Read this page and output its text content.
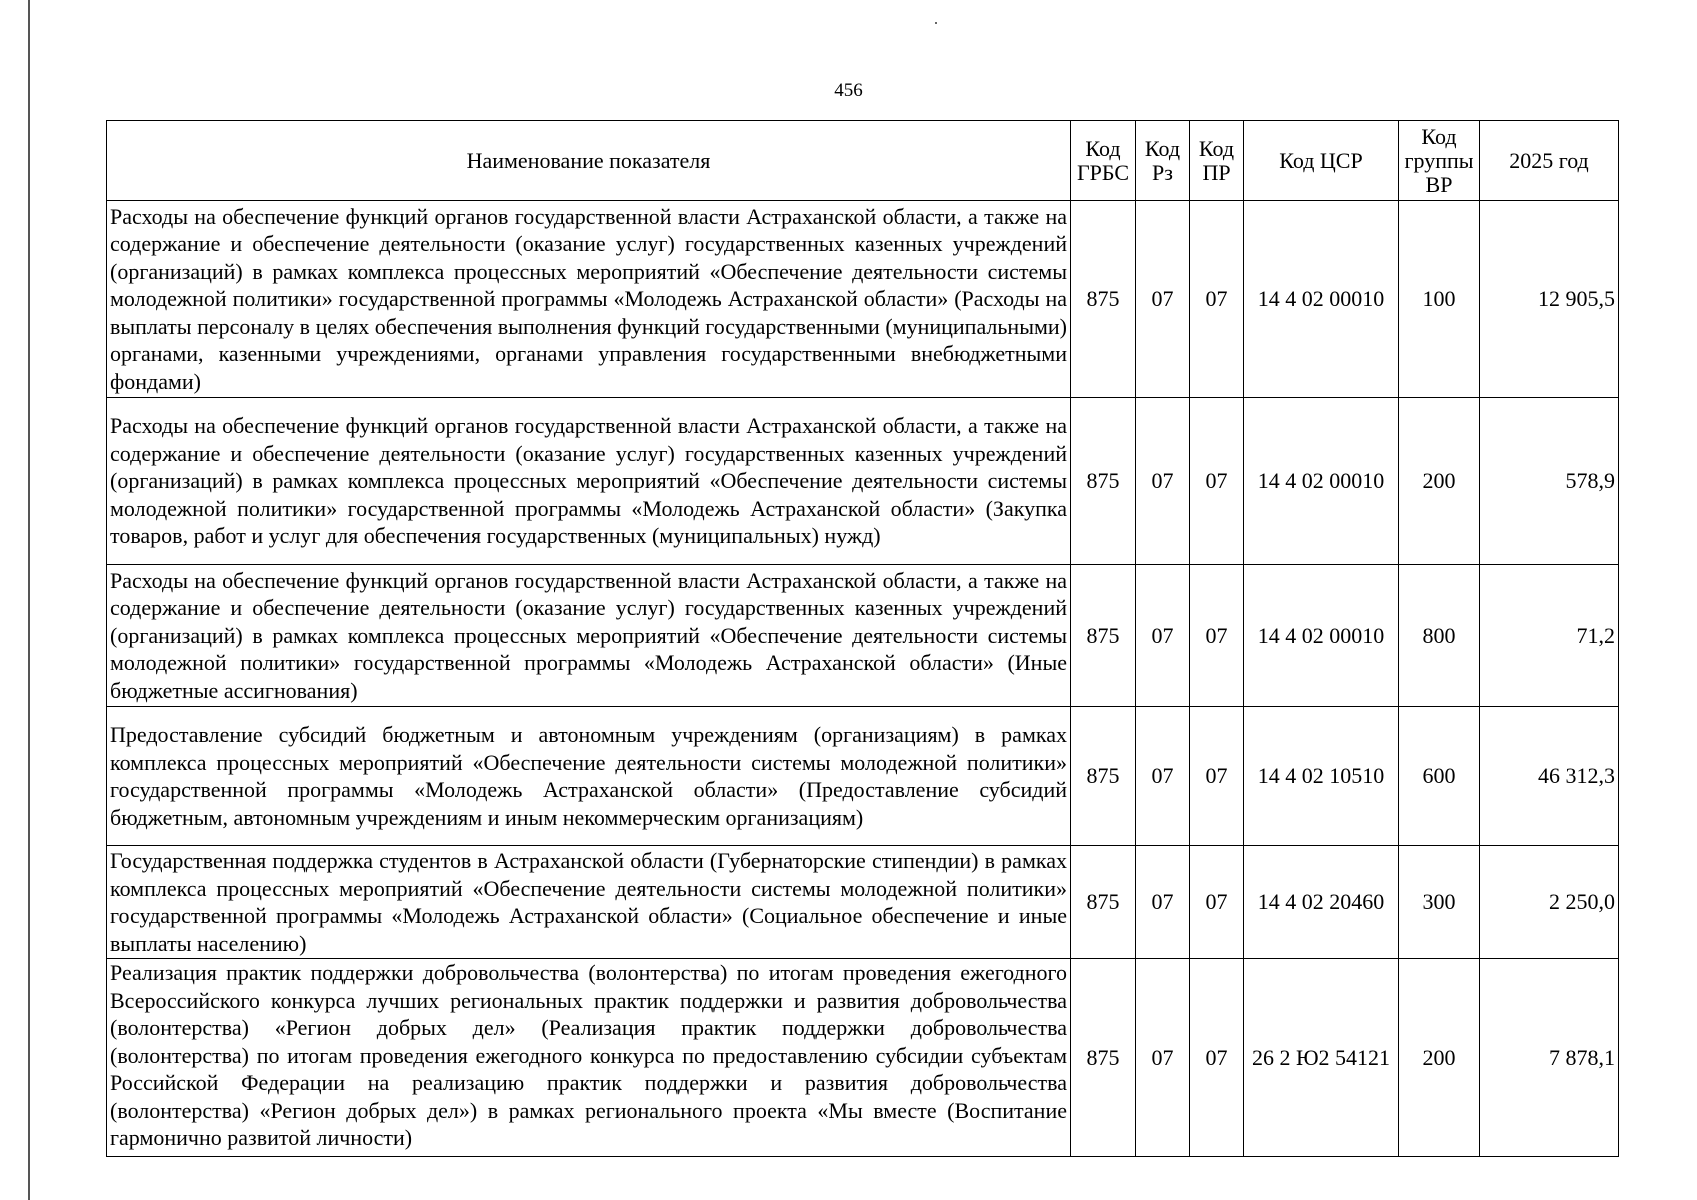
456
Наименование показателя	Код ГРБС	Код Рз	Код ПР	Код ЦСР	Код группы ВР	2025 год
Расходы на обеспечение функций органов государственной власти Астраханской области, а также на содержание и обеспечение деятельности (оказание услуг) государственных казенных учреждений (организаций) в рамках комплекса процессных мероприятий «Обеспечение деятельности системы молодежной политики» государственной программы «Молодежь Астраханской области» (Расходы на выплаты персоналу в целях обеспечения выполнения функций государственными (муниципальными) органами, казенными учреждениями, органами управления государственными внебюджетными фондами)	875	07	07	14 4 02 00010	100	12 905,5
Расходы на обеспечение функций органов государственной власти Астраханской области, а также на содержание и обеспечение деятельности (оказание услуг) государственных казенных учреждений (организаций) в рамках комплекса процессных мероприятий «Обеспечение деятельности системы молодежной политики» государственной программы «Молодежь Астраханской области» (Закупка товаров, работ и услуг для обеспечения государственных (муниципальных) нужд)	875	07	07	14 4 02 00010	200	578,9
Расходы на обеспечение функций органов государственной власти Астраханской области, а также на содержание и обеспечение деятельности (оказание услуг) государственных казенных учреждений (организаций) в рамках комплекса процессных мероприятий «Обеспечение деятельности системы молодежной политики» государственной программы «Молодежь Астраханской области» (Иные бюджетные ассигнования)	875	07	07	14 4 02 00010	800	71,2
Предоставление субсидий бюджетным и автономным учреждениям (организациям) в рамках комплекса процессных мероприятий «Обеспечение деятельности системы молодежной политики» государственной программы «Молодежь Астраханской области» (Предоставление субсидий бюджетным, автономным учреждениям и иным некоммерческим организациям)	875	07	07	14 4 02 10510	600	46 312,3
Государственная поддержка студентов в Астраханской области (Губернаторские стипендии) в рамках комплекса процессных мероприятий «Обеспечение деятельности системы молодежной политики» государственной программы «Молодежь Астраханской области» (Социальное обеспечение и иные выплаты населению)	875	07	07	14 4 02 20460	300	2 250,0
Реализация практик поддержки добровольчества (волонтерства) по итогам проведения ежегодного Всероссийского конкурса лучших региональных практик поддержки и развития добровольчества (волонтерства) «Регион добрых дел» (Реализация практик поддержки добровольчества (волонтерства) по итогам проведения ежегодного конкурса по предоставлению субсидии субъектам Российской Федерации на реализацию практик поддержки и развития добровольчества (волонтерства) «Регион добрых дел») в рамках регионального проекта «Мы вместе (Воспитание гармонично развитой личности)	875	07	07	26 2 Ю2 54121	200	7 878,1
